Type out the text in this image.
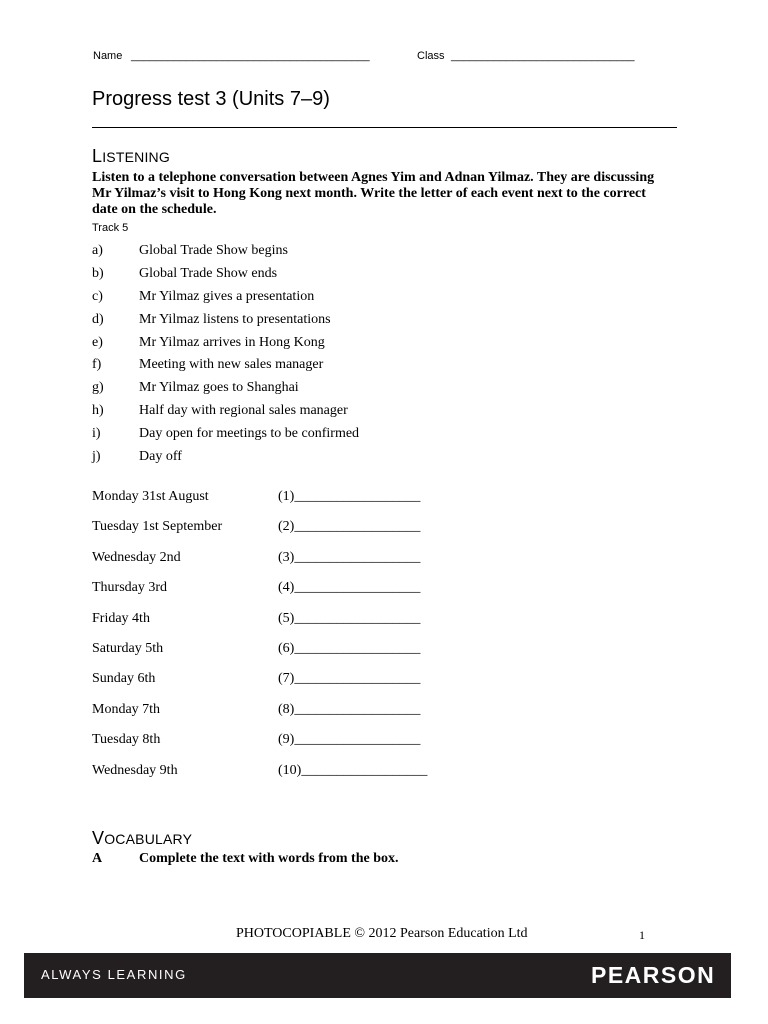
Name _______________________________________	Class ______________________________
Progress test 3 (Units 7–9)
LISTENING
Listen to a telephone conversation between Agnes Yim and Adnan Yilmaz. They are discussing Mr Yilmaz’s visit to Hong Kong next month. Write the letter of each event next to the correct date on the schedule.
Track 5
a)	Global Trade Show begins
b)	Global Trade Show ends
c)	Mr Yilmaz gives a presentation
d)	Mr Yilmaz listens to presentations
e)	Mr Yilmaz arrives in Hong Kong
f)	Meeting with new sales manager
g)	Mr Yilmaz goes to Shanghai
h)	Half day with regional sales manager
i)	Day open for meetings to be confirmed
j)	Day off
Monday 31st August	(1)__________________
Tuesday 1st September	(2)__________________
Wednesday 2nd	(3)__________________
Thursday 3rd	(4)__________________
Friday 4th	(5)__________________
Saturday 5th	(6)__________________
Sunday 6th	(7)__________________
Monday 7th	(8)__________________
Tuesday 8th	(9)__________________
Wednesday 9th	(10)__________________
VOCABULARY
A	Complete the text with words from the box.
PHOTOCOPIABLE © 2012 Pearson Education Ltd	1
ALWAYS LEARNING	PEARSON
